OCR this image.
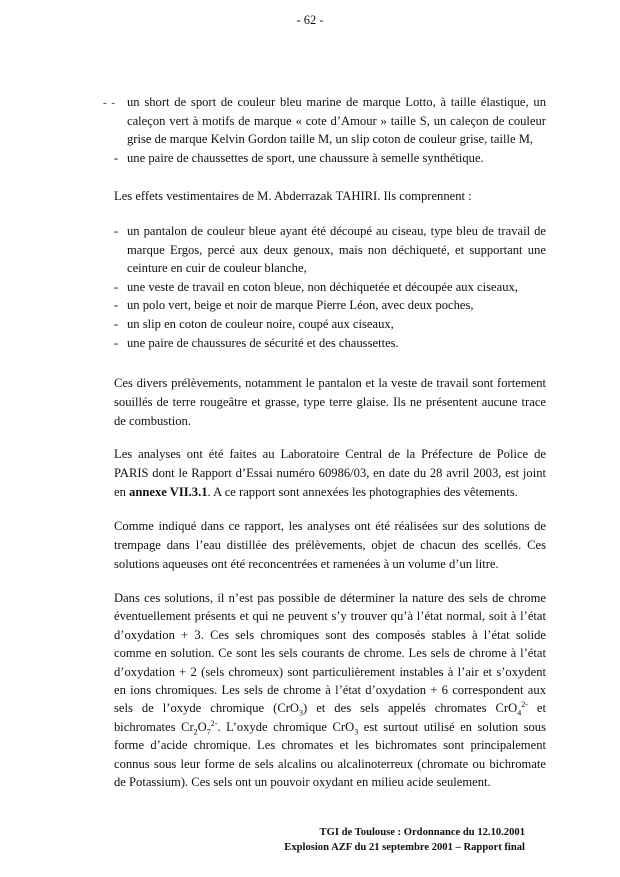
- 62 -
- - un short de sport de couleur bleu marine de marque Lotto, à taille élastique, un caleçon vert à motifs de marque « cote d’Amour » taille S, un caleçon de couleur grise de marque Kelvin Gordon taille M, un slip coton de couleur grise, taille M,
- une paire de chaussettes de sport, une chaussure à semelle synthétique.

Les effets vestimentaires de M. Abderrazak TAHIRI. Ils comprennent :

- un pantalon de couleur bleue ayant été découpé au ciseau, type bleu de travail de marque Ergos, percé aux deux genoux, mais non déchiqueté, et supportant une ceinture en cuir de couleur blanche,
- une veste de travail en coton bleue, non déchiquetée et découpée aux ciseaux,
- un polo vert, beige et noir de marque Pierre Léon, avec deux poches,
- un slip en coton de couleur noire, coupé aux ciseaux,
- une paire de chaussures de sécurité et des chaussettes.

Ces divers prélèvements, notamment le pantalon et la veste de travail sont fortement souillés de terre rougeâtre et grasse, type terre glaise. Ils ne présentent aucune trace de combustion.

Les analyses ont été faites au Laboratoire Central de la Préfecture de Police de PARIS dont le Rapport d’Essai numéro 60986/03, en date du 28 avril 2003, est joint en annexe VII.3.1. A ce rapport sont annexées les photographies des vêtements.

Comme indiqué dans ce rapport, les analyses ont été réalisées sur des solutions de trempage dans l’eau distillée des prélèvements, objet de chacun des scellés. Ces solutions aqueuses ont été reconcentrées et ramenées à un volume d’un litre.

Dans ces solutions, il n’est pas possible de déterminer la nature des sels de chrome éventuellement présents et qui ne peuvent s’y trouver qu’à l’état normal, soit à l’état d’oxydation + 3. Ces sels chromiques sont des composés stables à l’état solide comme en solution. Ce sont les sels courants de chrome. Les sels de chrome à l’état d’oxydation + 2 (sels chromeux) sont particulièrement instables à l’air et s’oxydent en ions chromiques. Les sels de chrome à l’état d’oxydation + 6 correspondent aux sels de l’oxyde chromique (CrO$_3$) et des sels appelés chromates CrO$_4^{2-}$ et bichromates $Cr_2O_7^{2-}$. L’oxyde chromique CrO$_3$ est surtout utilisé en solution sous forme d’acide chromique. Les chromates et les bichromates sont principalement connus sous leur forme de sels alcalins ou alcalinoterreux (chromate ou bichromate de Potassium). Ces sels ont un pouvoir oxydant en milieu acide seulement.

TGI de Toulouse : Ordonnance du 12.10.2001
Explosion AZF du 21 septembre 2001 – Rapport final
